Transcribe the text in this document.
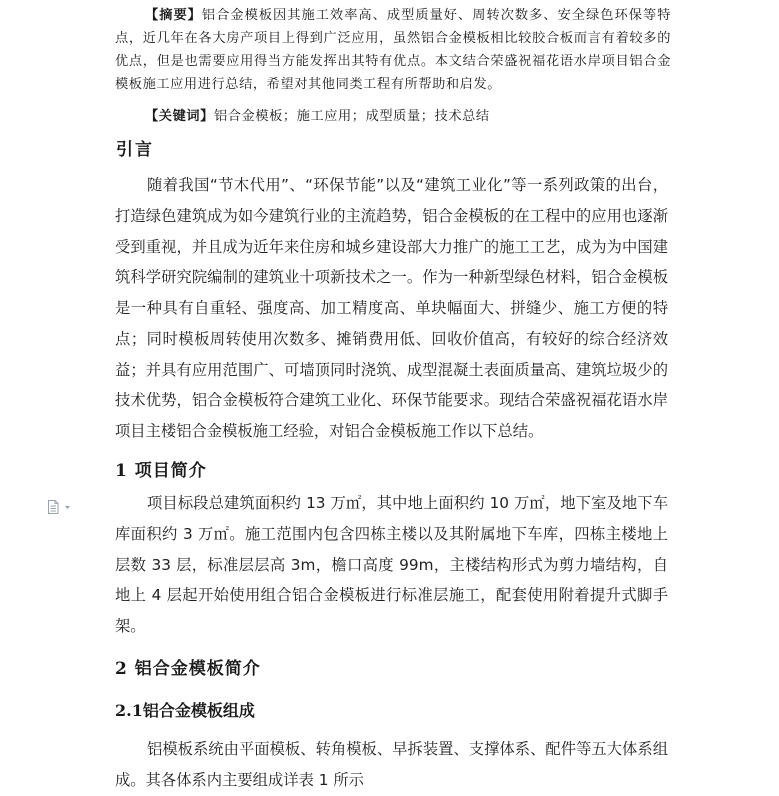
【摘要】铝合金模板因其施工效率高、成型质量好、周转次数多、安全绿色环保等特点，近几年在各大房产项目上得到广泛应用，虽然铝合金模板相比较胶合板而言有着较多的优点，但是也需要应用得当方能发挥出其特有优点。本文结合荣盛祝福花语水岸项目铝合金模板施工应用进行总结，希望对其他同类工程有所帮助和启发。
【关键词】铝合金模板；施工应用；成型质量；技术总结
引言
随着我国“节木代用”、“环保节能”以及“建筑工业化”等一系列政策的出台，打造绿色建筑成为如今建筑行业的主流趋势，铝合金模板的在工程中的应用也逐渐受到重视，并且成为近年来住房和城乡建设部大力推广的施工工艺，成为为中国建筑科学研究院编制的建筑业十项新技术之一。作为一种新型绿色材料，铝合金模板是一种具有自重轻、强度高、加工精度高、单块幅面大、拼缝少、施工方便的特点；同时模板周转使用次数多、摊销费用低、回收价值高，有较好的综合经济效益；并具有应用范围广、可墙顶同时浇筑、成型混凝土表面质量高、建筑垃圾少的技术优势，铝合金模板符合建筑工业化、环保节能要求。现结合荣盛祝福花语水岸项目主楼铝合金模板施工经验，对铝合金模板施工作以下总结。
1 项目简介
项目标段总建筑面积约 13 万㎡，其中地上面积约 10 万㎡，地下室及地下车库面积约 3 万㎡。施工范围内包含四栋主楼以及其附属地下车库，四栋主楼地上层数 33 层，标准层层高 3m，檐口高度 99m，主楼结构形式为剪力墙结构，自地上 4 层起开始使用组合铝合金模板进行标准层施工，配套使用附着提升式脚手架。
2 铝合金模板简介
2.1铝合金模板组成
铝模板系统由平面模板、转角模板、早拆装置、支撑体系、配件等五大体系组成。其各体系内主要组成详表 1 所示
